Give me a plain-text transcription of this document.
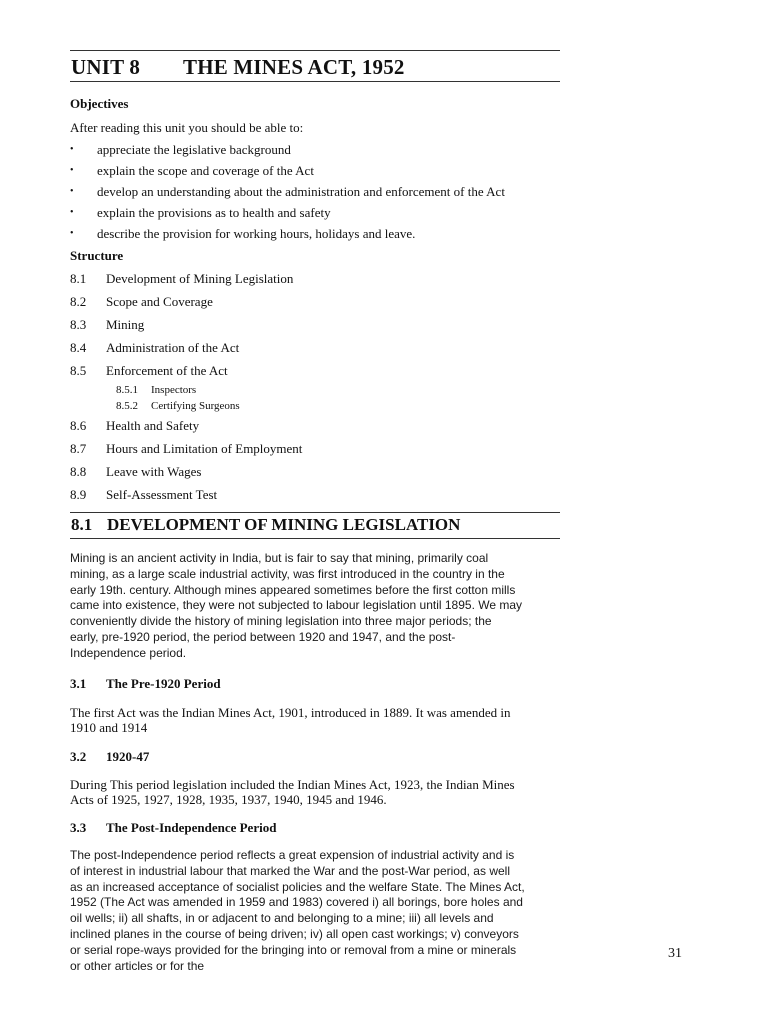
UNIT 8	THE MINES ACT, 1952

Objectives

After reading this unit you should be able to:

•	appreciate the legislative background
•	explain the scope and coverage of the Act
•	develop an understanding about the administration and enforcement of the Act
•	explain the provisions as to health and safety
•	describe the provision for working hours, holidays and leave.

Structure

8.1	Development of Mining Legislation
8.2	Scope and Coverage
8.3	Mining
8.4	Administration of the Act
8.5	Enforcement of the Act
8.5.1	Inspectors
8.5.2	Certifying Surgeons
8.6	Health and Safety
8.7	Hours and Limitation of Employment
8.8	Leave with Wages
8.9	Self-Assessment Test
8.1 DEVELOPMENT OF MINING LEGISLATION
Mining is an ancient activity in India, but is fair to say that mining, primarily coal
mining, as a large scale industrial activity, was first introduced in the country in the
early 19th. century. Although mines appeared sometimes before the first cotton mills
came into existence, they were not subjected to labour legislation until 1895. We may
conveniently divide the history of mining legislation into three major periods; the
early, pre-1920 period, the period between 1920 and 1947, and the post-
Independence period.

3.1	The Pre-1920 Period

The first Act was the Indian Mines Act, 1901, introduced in 1889. It was amended in
1910 and 1914

3.2	1920-47

During This period legislation included the Indian Mines Act, 1923, the Indian Mines
Acts of 1925, 1927, 1928, 1935, 1937, 1940, 1945 and 1946.

3.3	The Post-Independence Period

The post-Independence period reflects a great expension of industrial activity and is
of interest in industrial labour that marked the War and the post-War period, as well
as an increased acceptance of socialist policies and the welfare State. The Mines Act,
1952 (The Act was amended in 1959 and 1983) covered i) all borings, bore holes and
oil wells; ii) all shafts, in or adjacent to and belonging to a mine; iii) all levels and
inclined planes in the course of being driven; iv) all open cast workings; v) conveyors
or serial rope-ways provided for the bringing into or removal from a mine or minerals
or other articles or for the
31
